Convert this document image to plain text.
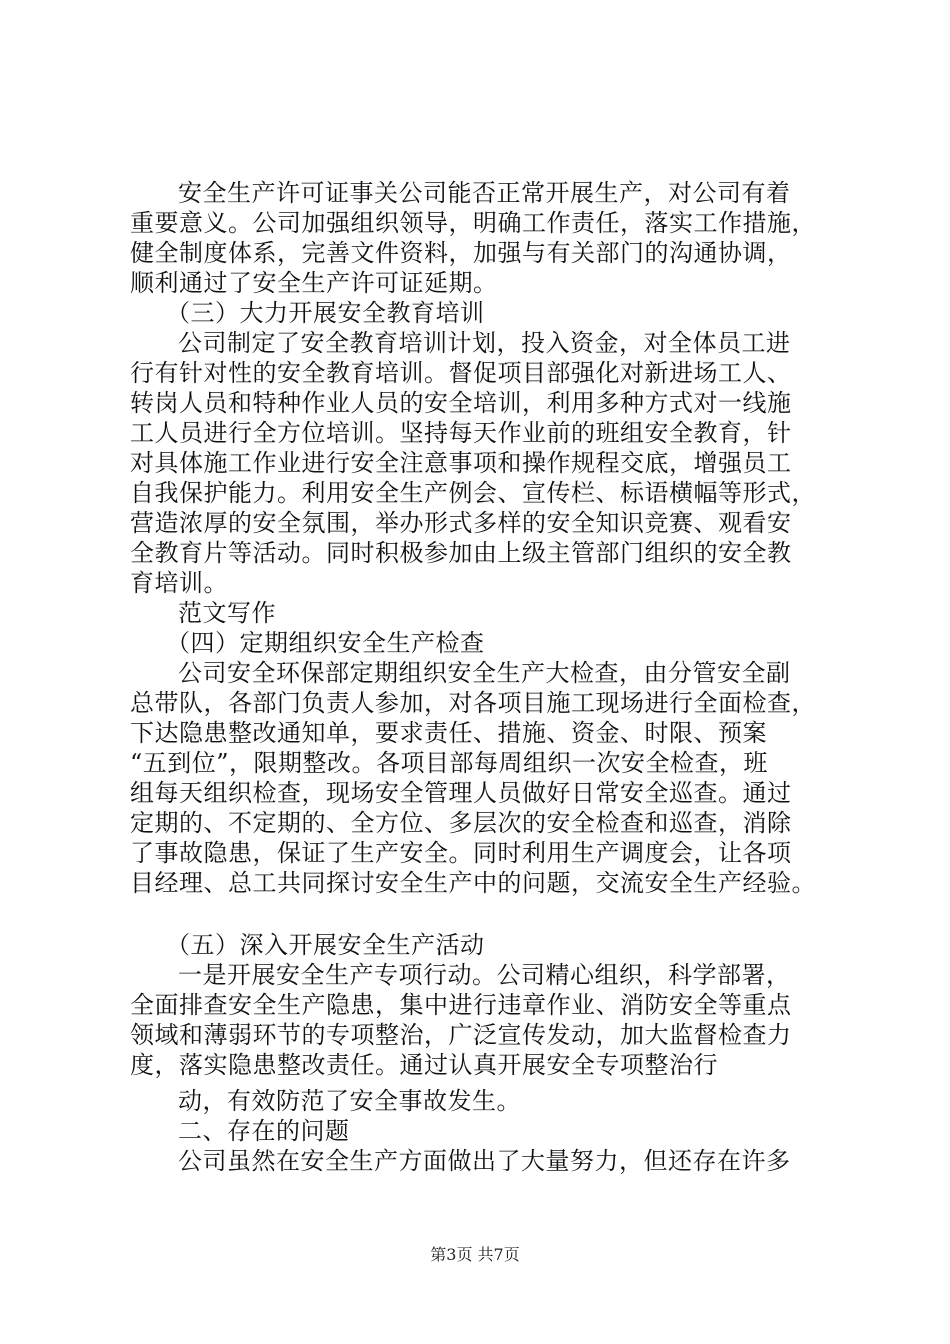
安全生产许可证事关公司能否正常开展生产，对公司有着
重要意义。公司加强组织领导，明确工作责任，落实工作措施，
健全制度体系，完善文件资料，加强与有关部门的沟通协调，
顺利通过了安全生产许可证延期。
（三）大力开展安全教育培训
公司制定了安全教育培训计划，投入资金，对全体员工进
行有针对性的安全教育培训。督促项目部强化对新进场工人、
转岗人员和特种作业人员的安全培训，利用多种方式对一线施
工人员进行全方位培训。坚持每天作业前的班组安全教育，针
对具体施工作业进行安全注意事项和操作规程交底，增强员工
自我保护能力。利用安全生产例会、宣传栏、标语横幅等形式，
营造浓厚的安全氛围，举办形式多样的安全知识竞赛、观看安
全教育片等活动。同时积极参加由上级主管部门组织的安全教
育培训。
范文写作
（四）定期组织安全生产检查
公司安全环保部定期组织安全生产大检查，由分管安全副
总带队，各部门负责人参加，对各项目施工现场进行全面检查，
下达隐患整改通知单，要求责任、措施、资金、时限、预案
“五到位”，限期整改。各项目部每周组织一次安全检查，班
组每天组织检查，现场安全管理人员做好日常安全巡查。通过
定期的、不定期的、全方位、多层次的安全检查和巡查，消除
了事故隐患，保证了生产安全。同时利用生产调度会，让各项
目经理、总工共同探讨安全生产中的问题，交流安全生产经验。
（五）深入开展安全生产活动
一是开展安全生产专项行动。公司精心组织，科学部署，
全面排查安全生产隐患，集中进行违章作业、消防安全等重点
领域和薄弱环节的专项整治，广泛宣传发动，加大监督检查力
度，落实隐患整改责任。通过认真开展安全专项整治行
动，有效防范了安全事故发生。
二、存在的问题
公司虽然在安全生产方面做出了大量努力，但还存在许多
第3页 共7页
